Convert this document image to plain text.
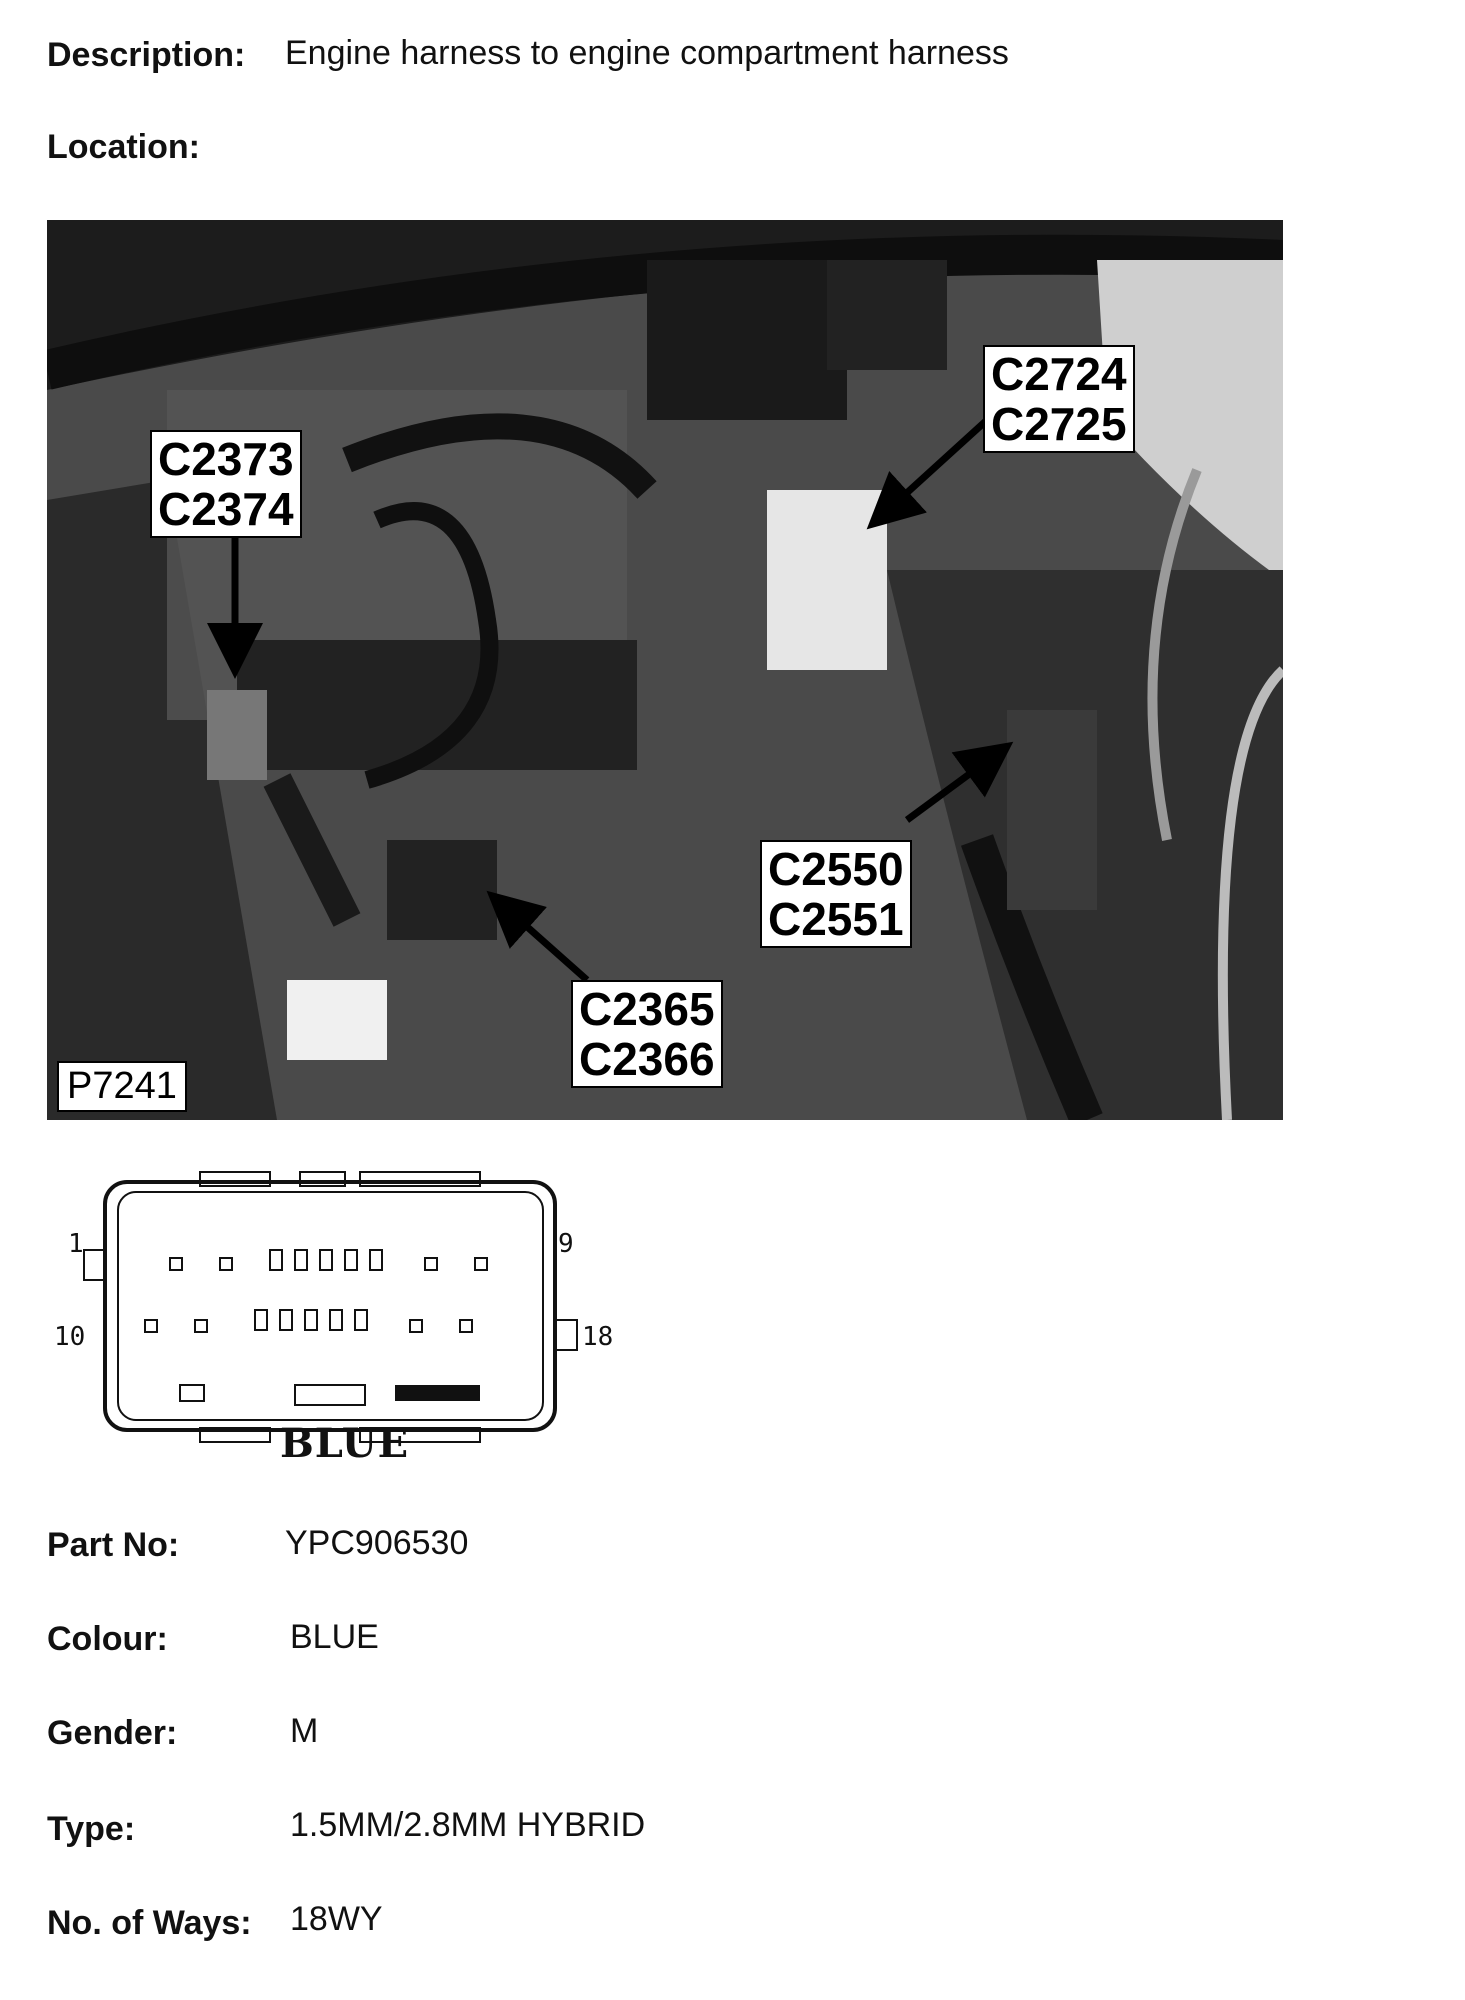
Description: Engine harness to engine compartment harness
Location:
C2373
C2374
C2724
C2725
C2550
C2551
C2365
C2366
P7241
1	9
10	18
BLUE
Part No:	YPC906530
Colour:	BLUE
Gender:	M
Type:	1.5MM/2.8MM HYBRID
No. of Ways: 18WY
